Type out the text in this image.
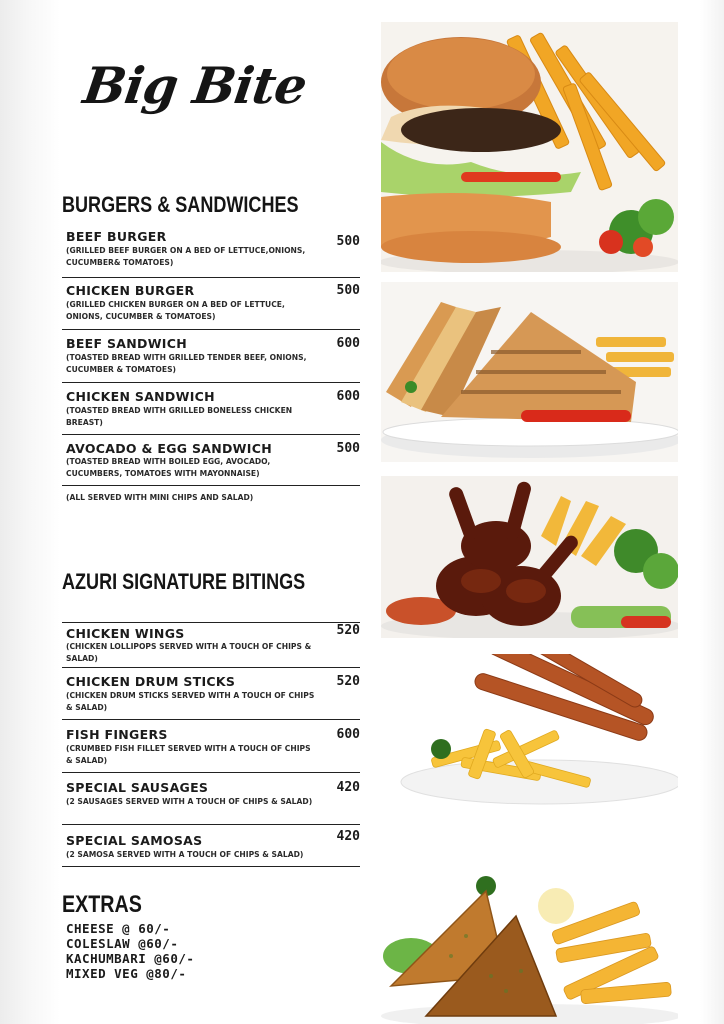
Big Bite
BURGERS & SANDWICHES
BEEF BURGER	500
(GRILLED BEEF BURGER ON A BED OF LETTUCE,ONIONS, CUCUMBER& TOMATOES)
CHICKEN BURGER	500
(GRILLED CHICKEN BURGER ON A BED OF LETTUCE, ONIONS, CUCUMBER & TOMATOES)
BEEF SANDWICH	600
(TOASTED BREAD WITH GRILLED TENDER BEEF, ONIONS, CUCUMBER & TOMATOES)
CHICKEN SANDWICH	600
(TOASTED BREAD WITH GRILLED BONELESS CHICKEN BREAST)
AVOCADO & EGG SANDWICH	500
(TOASTED BREAD WITH BOILED EGG, AVOCADO, CUCUMBERS, TOMATOES WITH MAYONNAISE)
(ALL SERVED WITH MINI CHIPS AND SALAD)
AZURI SIGNATURE BITINGS
CHICKEN WINGS	520
(CHICKEN LOLLIPOPS SERVED WITH A TOUCH OF CHIPS & SALAD)
CHICKEN DRUM STICKS	520
(CHICKEN DRUM STICKS SERVED WITH A TOUCH OF CHIPS & SALAD)
FISH FINGERS	600
(CRUMBED FISH FILLET SERVED WITH A TOUCH OF CHIPS & SALAD)
SPECIAL SAUSAGES	420
(2 SAUSAGES SERVED WITH A TOUCH OF CHIPS & SALAD)
SPECIAL SAMOSAS	420
(2 SAMOSA SERVED WITH A TOUCH OF CHIPS & SALAD)
EXTRAS
CHEESE @ 60/-
COLESLAW @60/-
KACHUMBARI @60/-
MIXED VEG @80/-
